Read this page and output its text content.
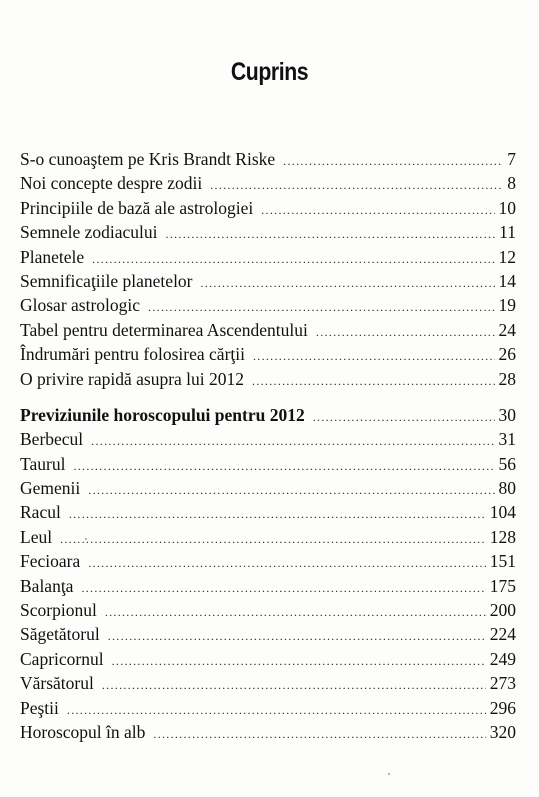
Cuprins
S-o cunoaştem pe Kris Brandt Riske .....	7
Noi concepte despre zodii .....	8
Principiile de bază ale astrologiei .....	10
Semnele zodiacului .....	11
Planetele .....	12
Semnificaţiile planetelor .....	14
Glosar astrologic .....	19
Tabel pentru determinarea Ascendentului .....	24
Îndrumări pentru folosirea cărţii .....	26
O privire rapidă asupra lui 2012 .....	28
Previziunile horoscopului pentru 2012 .....	30
Berbecul .....	31
Taurul .....	56
Gemenii .....	80
Racul .....	104
Leul .....	128
Fecioara .....	151
Balanţa .....	175
Scorpionul .....	200
Săgetătorul .....	224
Capricornul .....	249
Vărsătorul .....	273
Peştii .....	296
Horoscopul în alb .....	320
